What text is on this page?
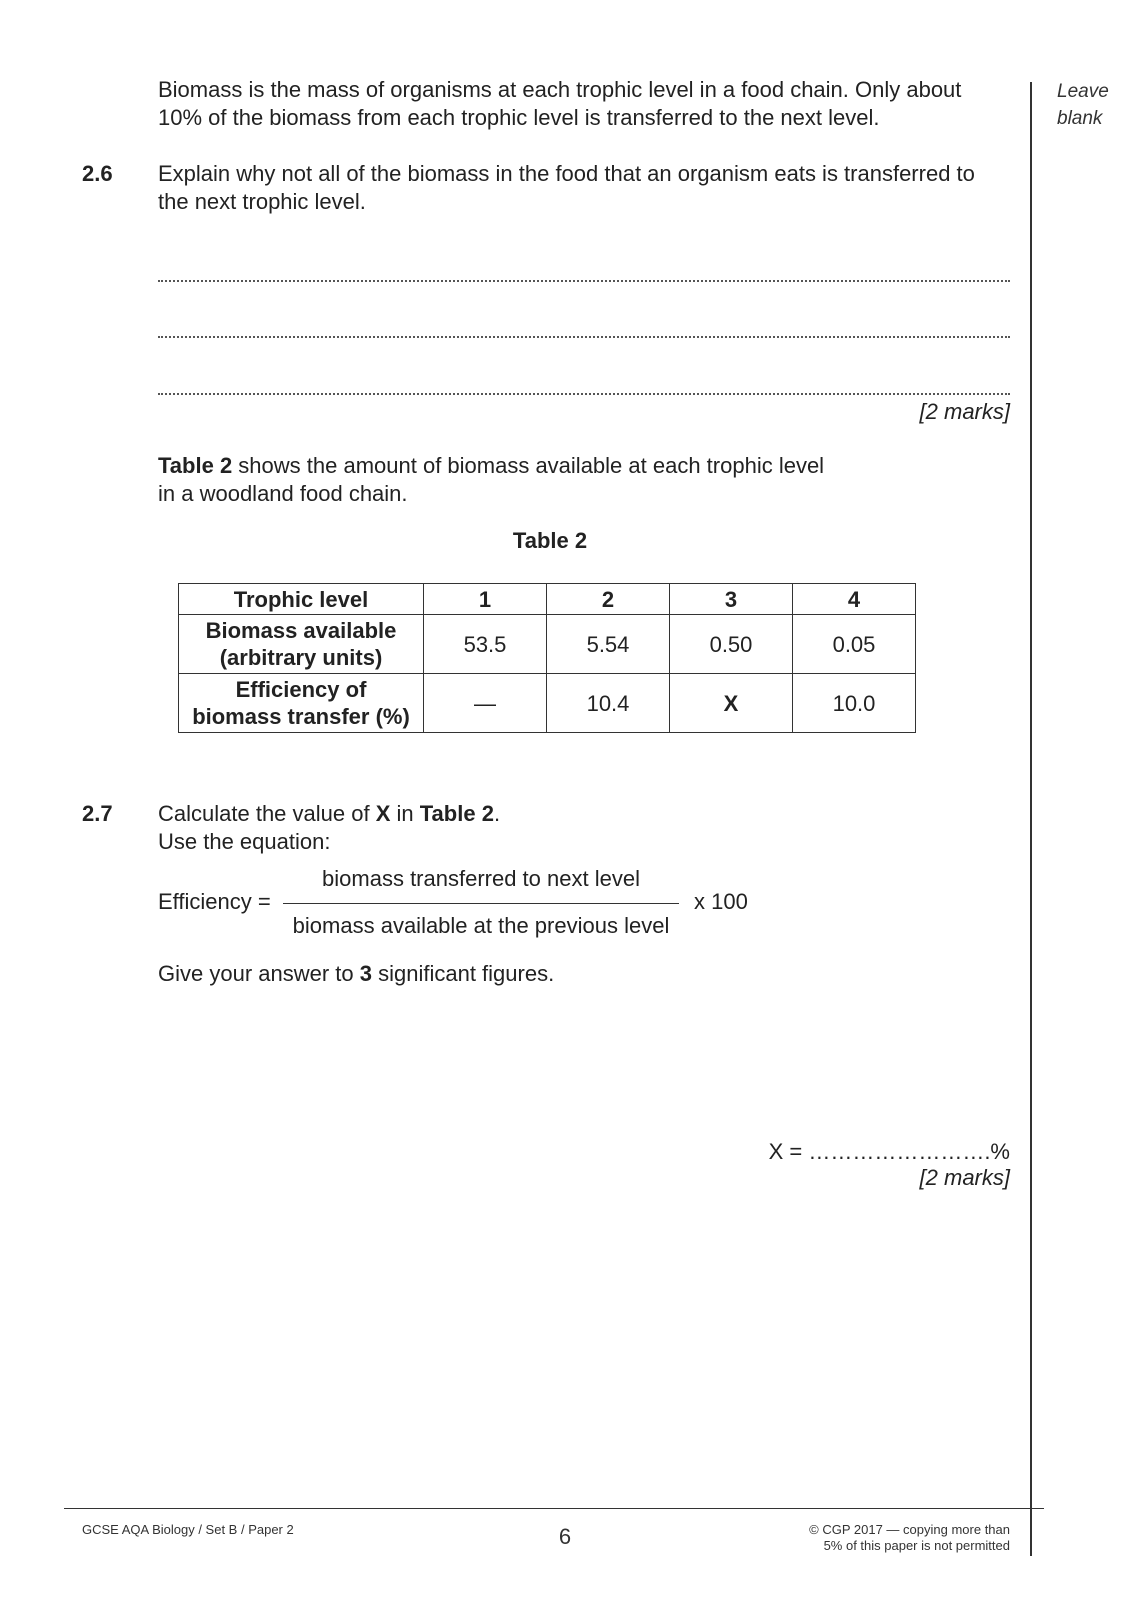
Leave
blank
Biomass is the mass of organisms at each trophic level in a food chain. Only about
10% of the biomass from each trophic level is transferred to the next level.
2.6 Explain why not all of the biomass in the food that an organism eats is transferred to
the next trophic level.
[2 marks]
Table 2 shows the amount of biomass available at each trophic level
in a woodland food chain.
Table 2
Trophic level	1	2	3	4

Biomass available
(arbitrary units)	53.5	5.54	0.50	0.05

Efficiency of
biomass transfer (%)	—	10.4	X	10.0
2.7 Calculate the value of X in Table 2.
Use the equation:
Efficiency =
biomass transferred to next level
biomass available at the previous level
x 100
Give your answer to 3 significant figures.
X = …………………….%
[2 marks]
GCSE AQA Biology / Set B / Paper 2	6	© CGP 2017 — copying more than
5% of this paper is not permitted
